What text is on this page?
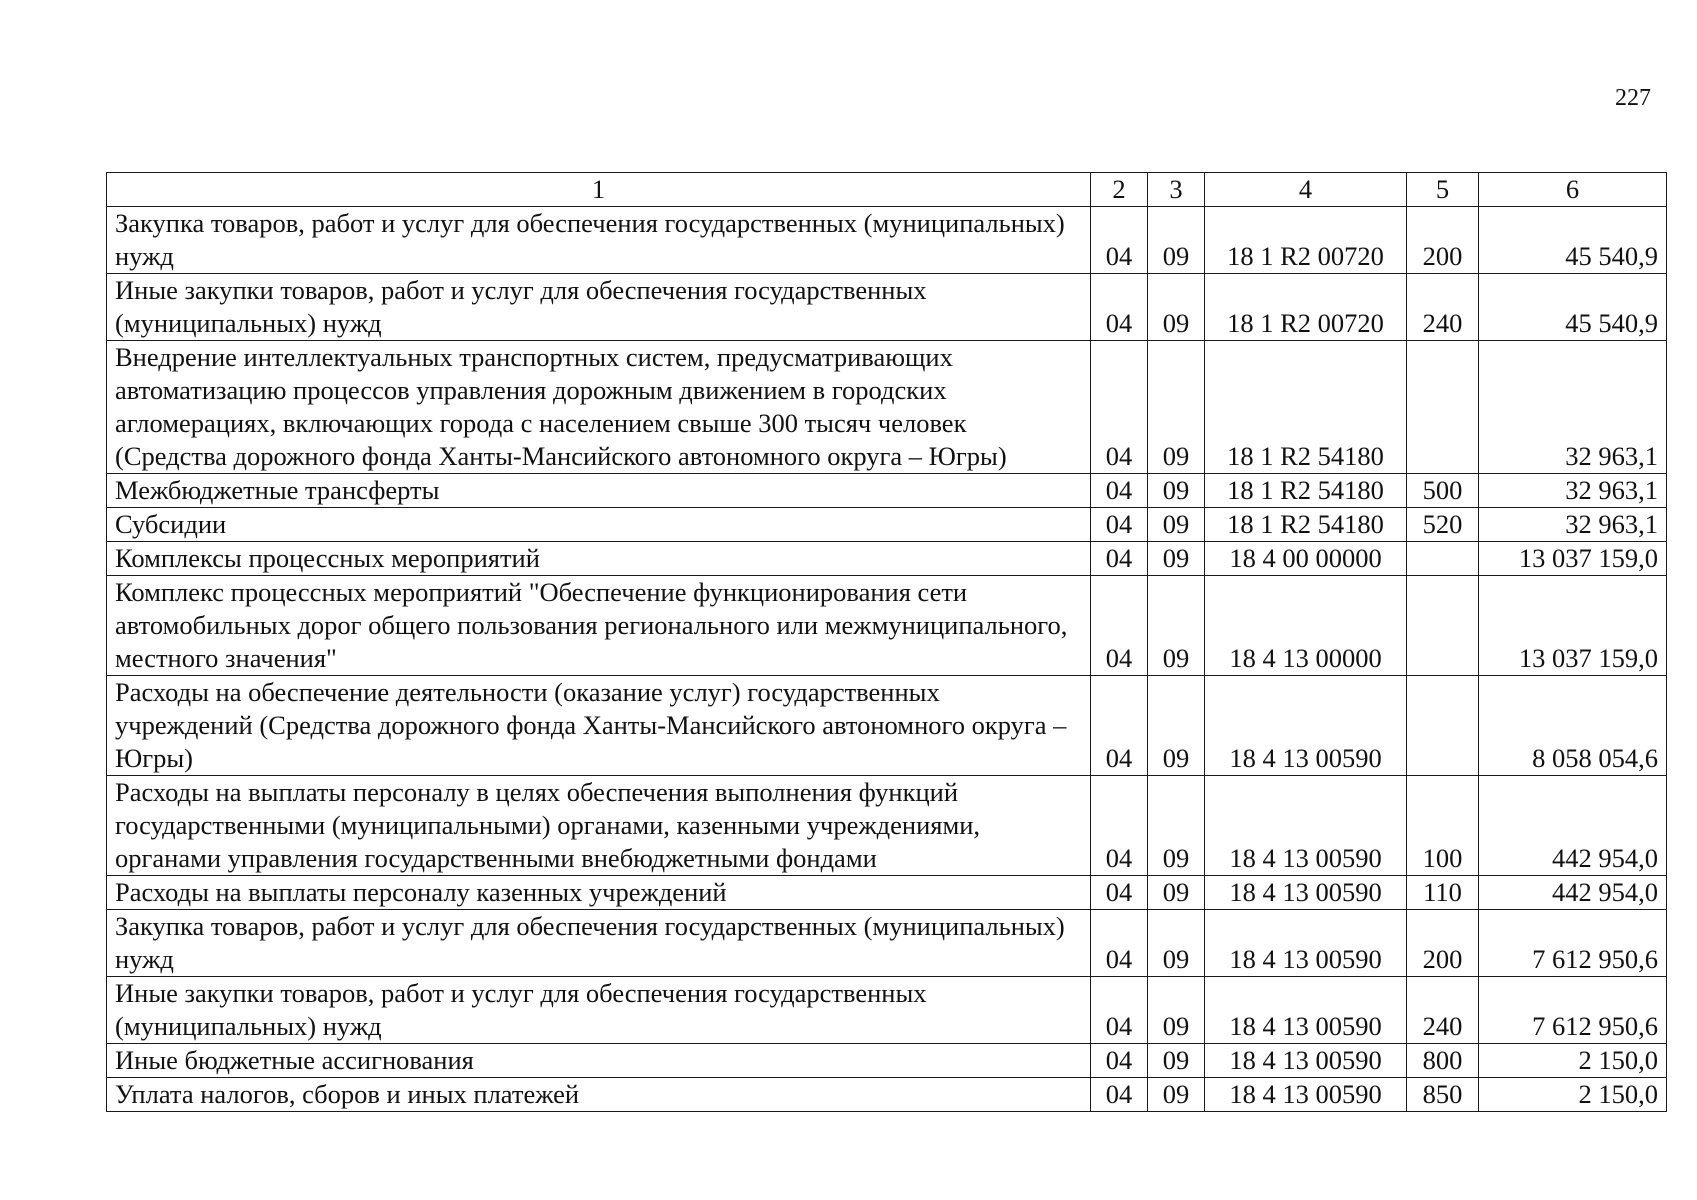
227
1	2	3	4	5	6
Закупка товаров, работ и услуг для обеспечения государственных (муниципальных) нужд	04	09	18 1 R2 00720	200	45 540,9
Иные закупки товаров, работ и услуг для обеспечения государственных (муниципальных) нужд	04	09	18 1 R2 00720	240	45 540,9
Внедрение интеллектуальных транспортных систем, предусматривающих автоматизацию процессов управления дорожным движением в городских агломерациях, включающих города с населением свыше 300 тысяч человек (Средства дорожного фонда Ханты-Мансийского автономного округа – Югры)	04	09	18 1 R2 54180		32 963,1
Межбюджетные трансферты	04	09	18 1 R2 54180	500	32 963,1
Субсидии	04	09	18 1 R2 54180	520	32 963,1
Комплексы процессных мероприятий	04	09	18 4 00 00000		13 037 159,0
Комплекс процессных мероприятий "Обеспечение функционирования сети автомобильных дорог общего пользования регионального или межмуниципального, местного значения"	04	09	18 4 13 00000		13 037 159,0
Расходы на обеспечение деятельности (оказание услуг) государственных учреждений (Средства дорожного фонда Ханты-Мансийского автономного округа – Югры)	04	09	18 4 13 00590		8 058 054,6
Расходы на выплаты персоналу в целях обеспечения выполнения функций государственными (муниципальными) органами, казенными учреждениями, органами управления государственными внебюджетными фондами	04	09	18 4 13 00590	100	442 954,0
Расходы на выплаты персоналу казенных учреждений	04	09	18 4 13 00590	110	442 954,0
Закупка товаров, работ и услуг для обеспечения государственных (муниципальных) нужд	04	09	18 4 13 00590	200	7 612 950,6
Иные закупки товаров, работ и услуг для обеспечения государственных (муниципальных) нужд	04	09	18 4 13 00590	240	7 612 950,6
Иные бюджетные ассигнования	04	09	18 4 13 00590	800	2 150,0
Уплата налогов, сборов и иных платежей	04	09	18 4 13 00590	850	2 150,0
